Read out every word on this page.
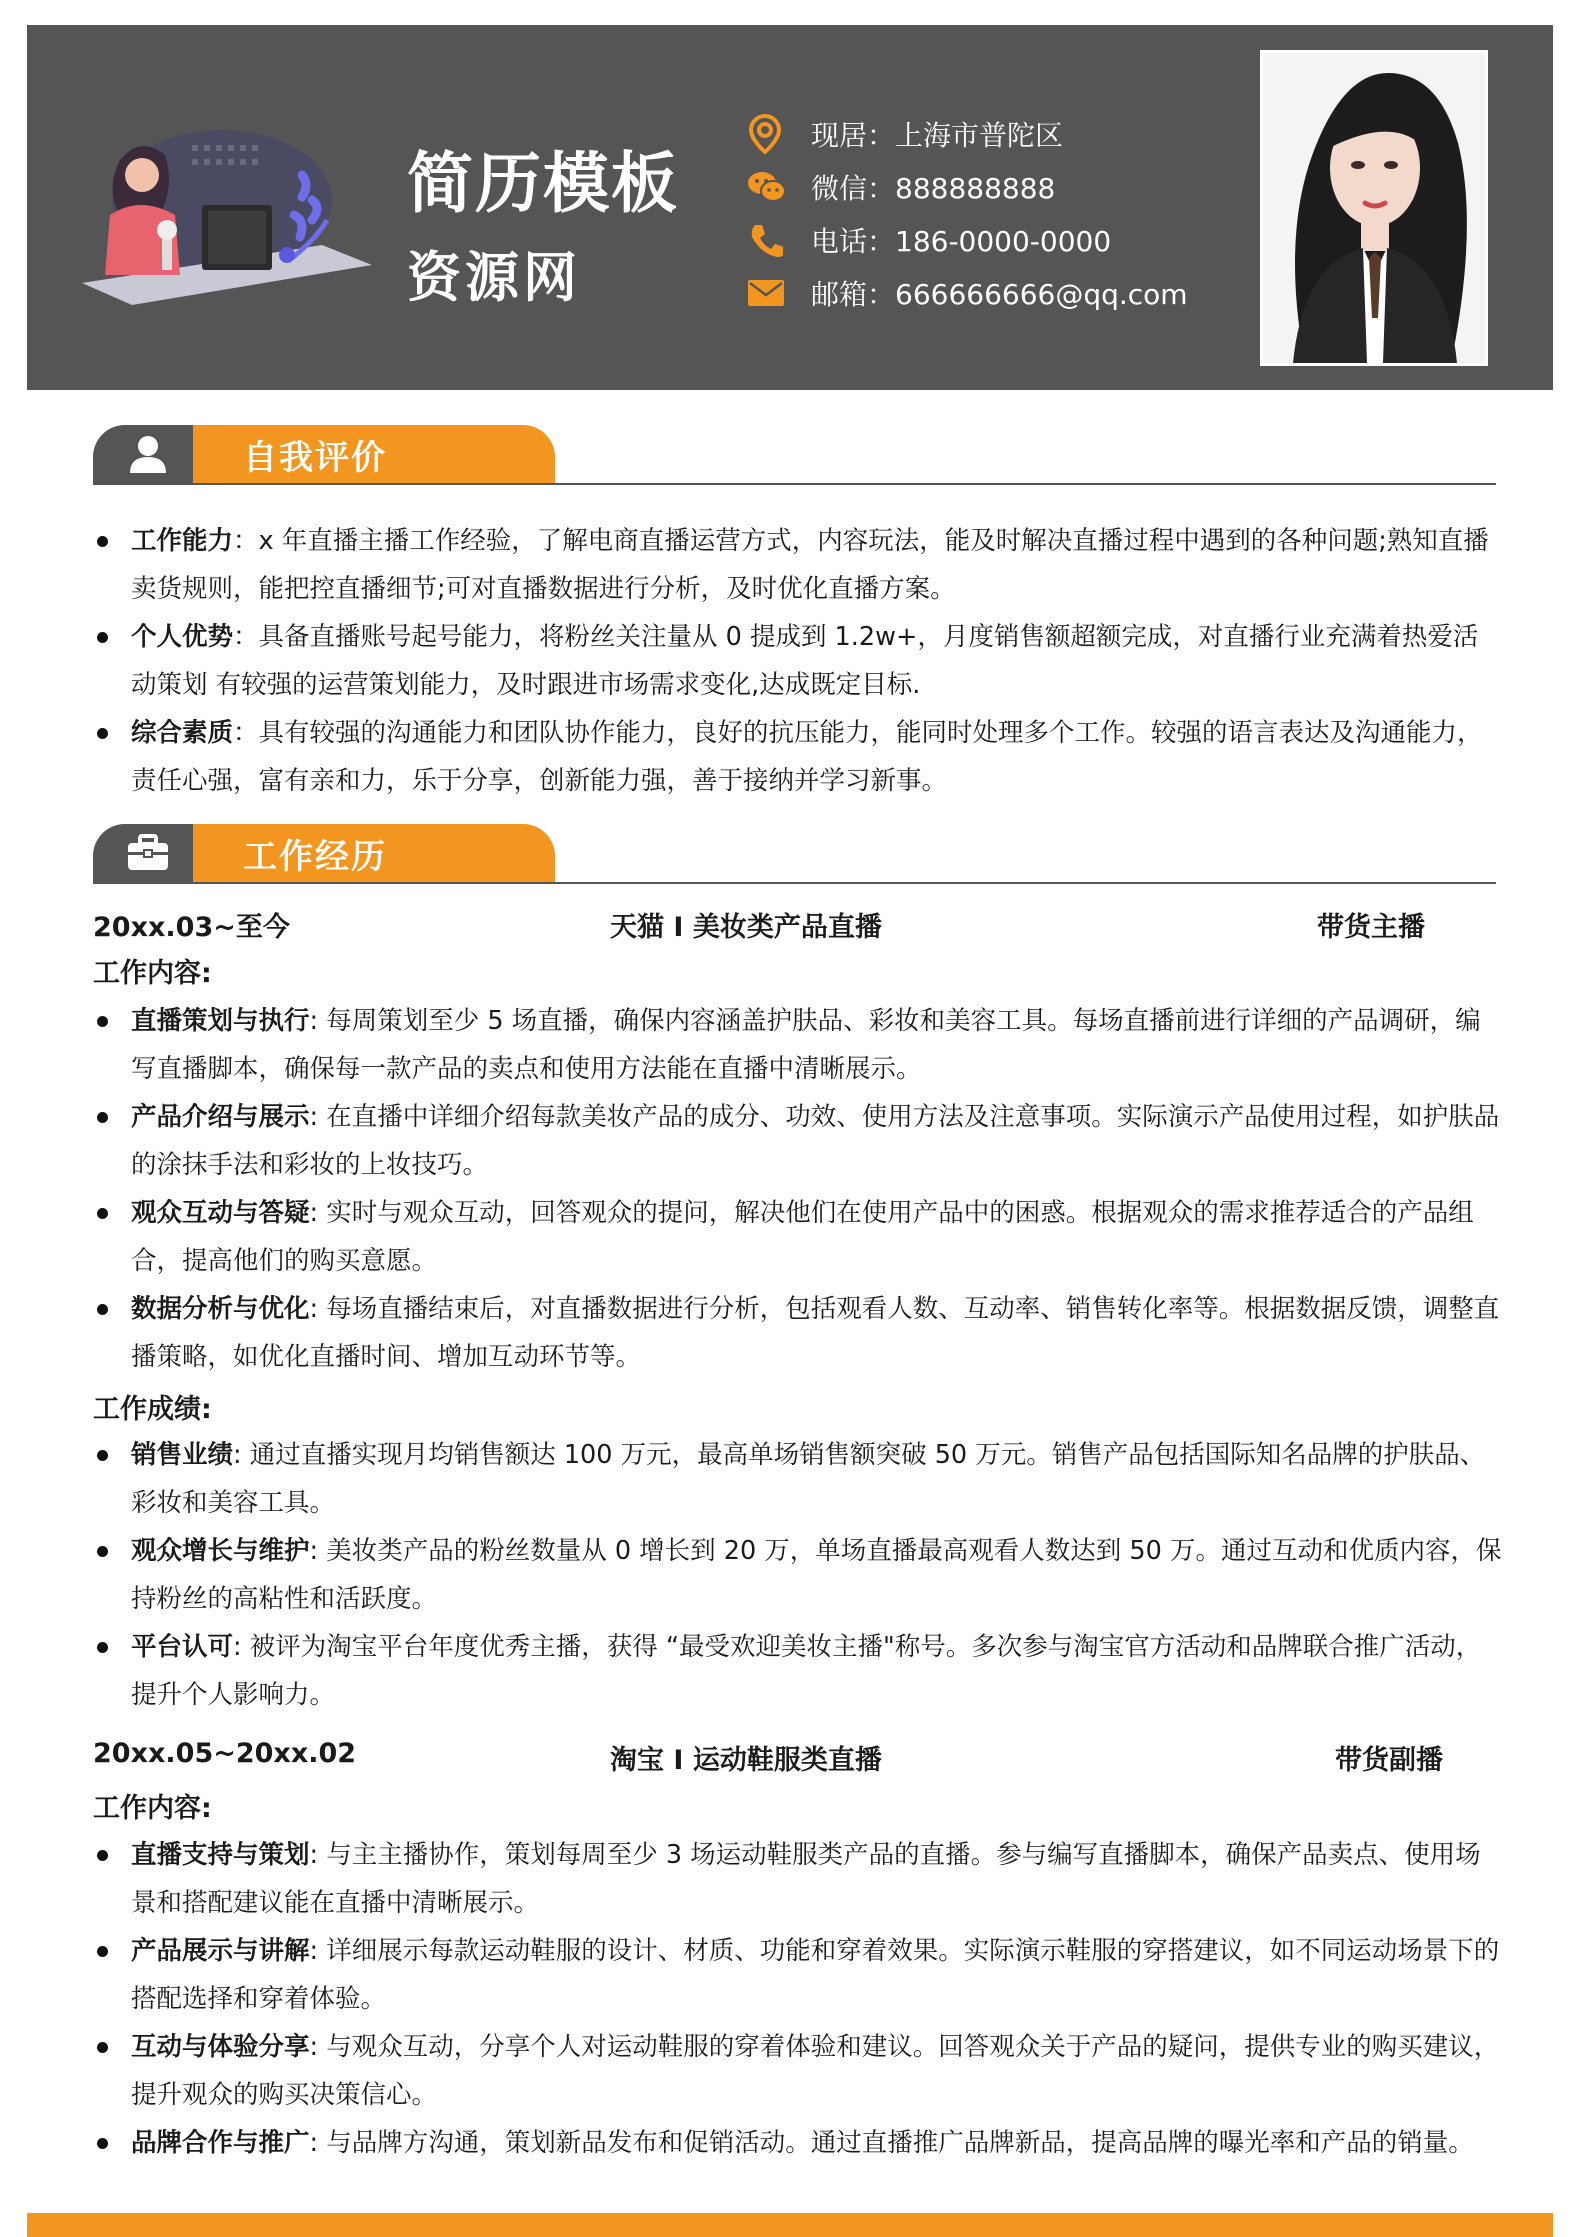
简历模板
资源网
现居：上海市普陀区
微信：888888888
电话：186-0000-0000
邮箱：666666666@qq.com
自我评价
工作能力：x 年直播主播工作经验，了解电商直播运营方式，内容玩法，能及时解决直播过程中遇到的各种问题;熟知直播卖货规则，能把控直播细节;可对直播数据进行分析，及时优化直播方案。
个人优势：具备直播账号起号能力，将粉丝关注量从 0 提成到 1.2w+，月度销售额超额完成，对直播行业充满着热爱活动策划 有较强的运营策划能力，及时跟进市场需求变化,达成既定目标.
综合素质：具有较强的沟通能力和团队协作能力，良好的抗压能力，能同时处理多个工作。较强的语言表达及沟通能力，责任心强，富有亲和力，乐于分享，创新能力强，善于接纳并学习新事。
工作经历
20xx.03~至今	天猫 I 美妆类产品直播	带货主播
工作内容:
直播策划与执行: 每周策划至少 5 场直播，确保内容涵盖护肤品、彩妆和美容工具。每场直播前进行详细的产品调研，编写直播脚本，确保每一款产品的卖点和使用方法能在直播中清晰展示。
产品介绍与展示: 在直播中详细介绍每款美妆产品的成分、功效、使用方法及注意事项。实际演示产品使用过程，如护肤品的涂抹手法和彩妆的上妆技巧。
观众互动与答疑: 实时与观众互动，回答观众的提问，解决他们在使用产品中的困惑。根据观众的需求推荐适合的产品组合，提高他们的购买意愿。
数据分析与优化: 每场直播结束后，对直播数据进行分析，包括观看人数、互动率、销售转化率等。根据数据反馈，调整直播策略，如优化直播时间、增加互动环节等。
工作成绩:
销售业绩: 通过直播实现月均销售额达 100 万元，最高单场销售额突破 50 万元。销售产品包括国际知名品牌的护肤品、彩妆和美容工具。
观众增长与维护: 美妆类产品的粉丝数量从 0 增长到 20 万，单场直播最高观看人数达到 50 万。通过互动和优质内容，保持粉丝的高粘性和活跃度。
平台认可: 被评为淘宝平台年度优秀主播，获得 “最受欢迎美妆主播"称号。多次参与淘宝官方活动和品牌联合推广活动，提升个人影响力。
20xx.05~20xx.02	淘宝 I 运动鞋服类直播	带货副播
工作内容:
直播支持与策划: 与主主播协作，策划每周至少 3 场运动鞋服类产品的直播。参与编写直播脚本，确保产品卖点、使用场景和搭配建议能在直播中清晰展示。
产品展示与讲解: 详细展示每款运动鞋服的设计、材质、功能和穿着效果。实际演示鞋服的穿搭建议，如不同运动场景下的搭配选择和穿着体验。
互动与体验分享: 与观众互动，分享个人对运动鞋服的穿着体验和建议。回答观众关于产品的疑问，提供专业的购买建议，提升观众的购买决策信心。
品牌合作与推广: 与品牌方沟通，策划新品发布和促销活动。通过直播推广品牌新品，提高品牌的曝光率和产品的销量。
